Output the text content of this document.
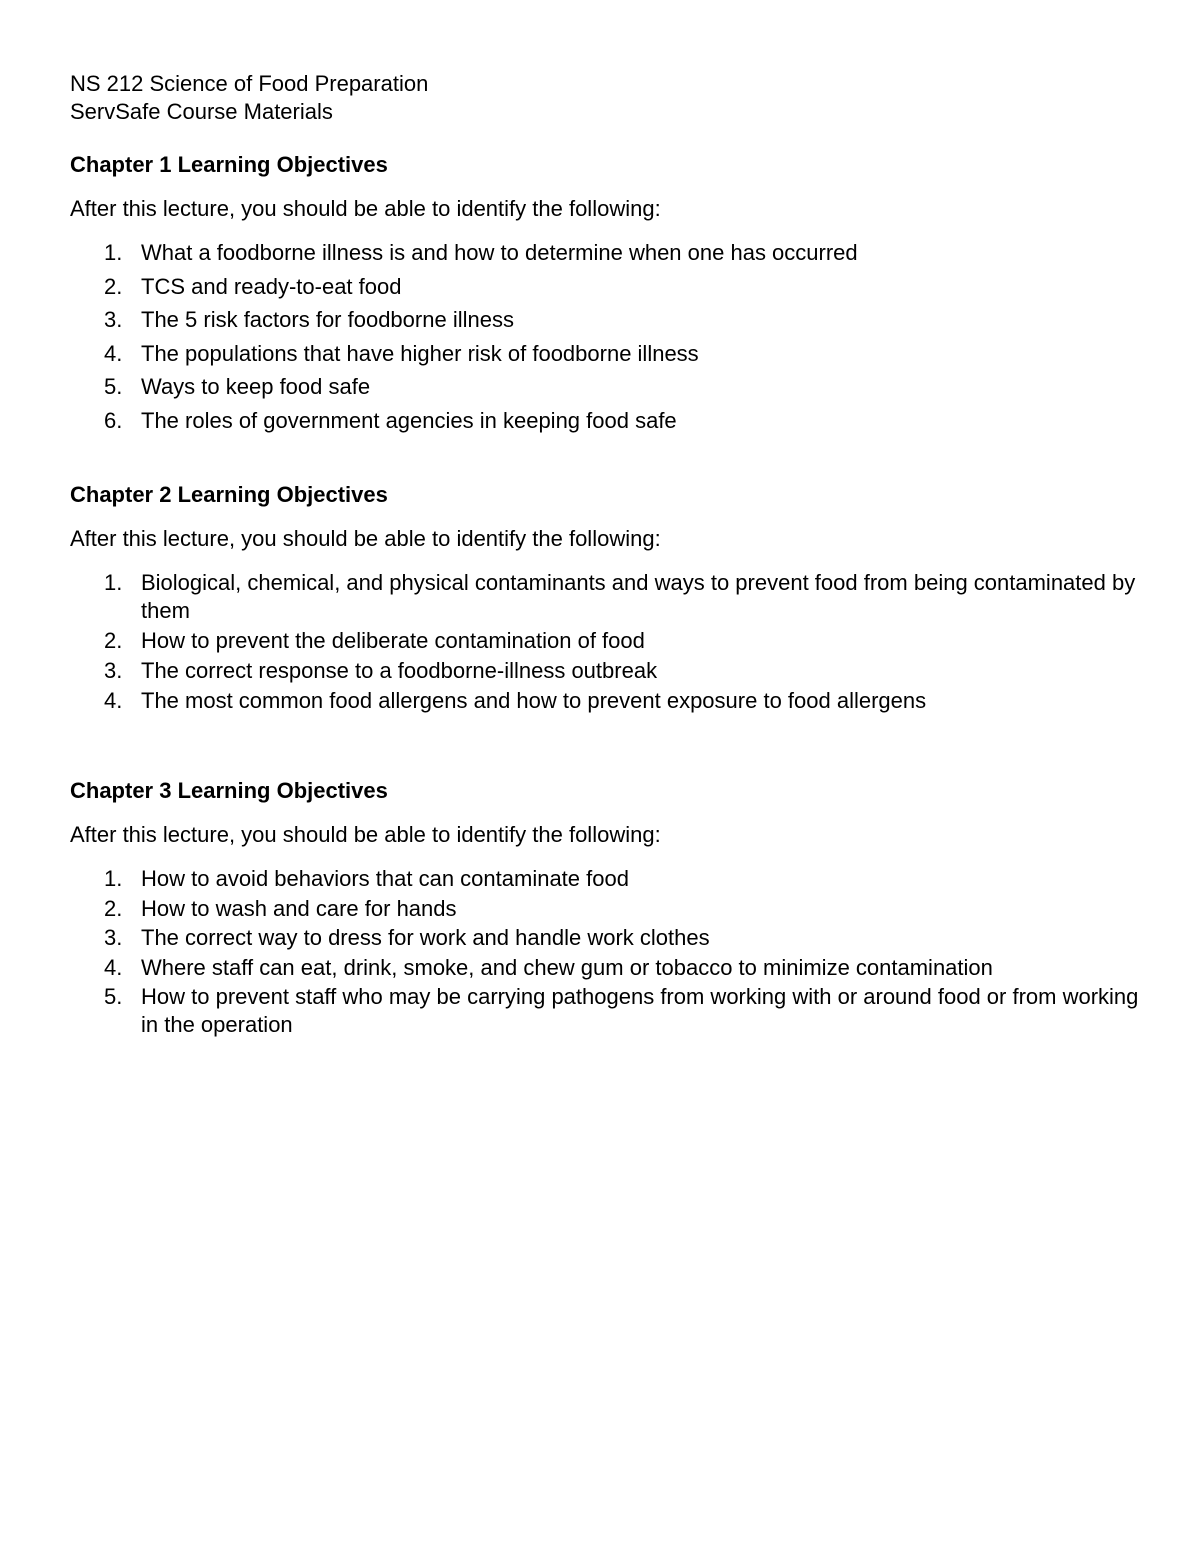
NS 212 Science of Food Preparation

ServSafe Course Materials

Chapter 1 Learning Objectives

After this lecture, you should be able to identify the following:

1. What a foodborne illness is and how to determine when one has occurred
2. TCS and ready-to-eat food
3. The 5 risk factors for foodborne illness
4. The populations that have higher risk of foodborne illness
5. Ways to keep food safe
6. The roles of government agencies in keeping food safe

Chapter 2 Learning Objectives

After this lecture, you should be able to identify the following:

1. Biological, chemical, and physical contaminants and ways to prevent food from being contaminated by them
2. How to prevent the deliberate contamination of food
3. The correct response to a foodborne-illness outbreak
4. The most common food allergens and how to prevent exposure to food allergens

Chapter 3 Learning Objectives

After this lecture, you should be able to identify the following:

1. How to avoid behaviors that can contaminate food
2. How to wash and care for hands
3. The correct way to dress for work and handle work clothes
4. Where staff can eat, drink, smoke, and chew gum or tobacco to minimize contamination
5. How to prevent staff who may be carrying pathogens from working with or around food or from working in the operation
